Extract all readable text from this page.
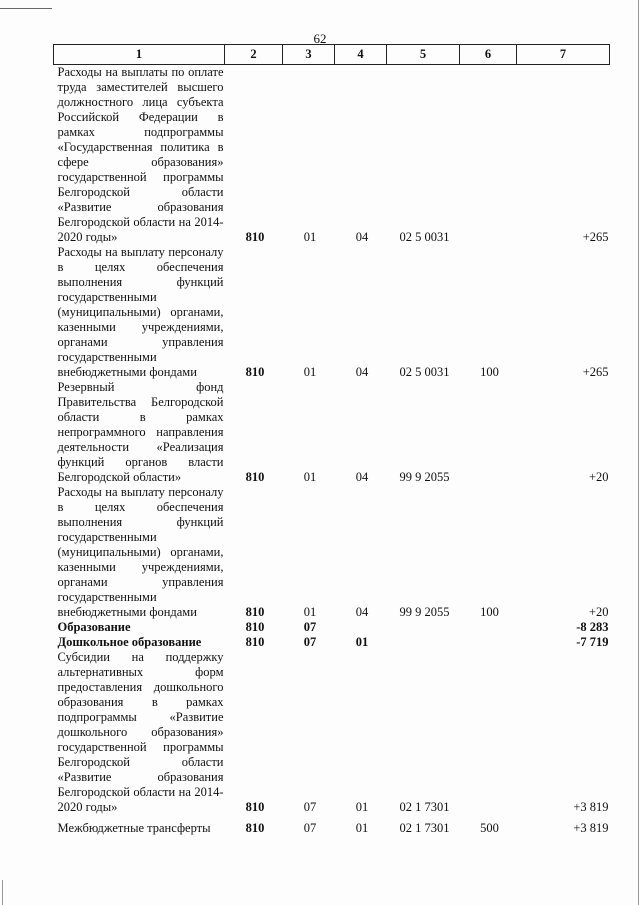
62
1	2	3	4	5	6	7
Расходы на выплаты по оплате труда заместителей высшего должностного лица субъекта Российской Федерации в рамках подпрограммы «Государственная политика в сфере образования» государственной программы Белгородской области «Развитие образования Белгородской области на 2014-2020 годы»	810	01	04	02 5 0031		+265
Расходы на выплату персоналу в целях обеспечения выполнения функций государственными (муниципальными) органами, казенными учреждениями, органами управления государственными внебюджетными фондами	810	01	04	02 5 0031	100	+265
Резервный фонд Правительства Белгородской области в рамках непрограммного направления деятельности «Реализация функций органов власти Белгородской области»	810	01	04	99 9 2055		+20
Расходы на выплату персоналу в целях обеспечения выполнения функций государственными (муниципальными) органами, казенными учреждениями, органами управления государственными внебюджетными фондами	810	01	04	99 9 2055	100	+20
Образование	810	07				-8 283
Дошкольное образование	810	07	01			-7 719
Субсидии на поддержку альтернативных форм предоставления дошкольного образования в рамках подпрограммы «Развитие дошкольного образования» государственной программы Белгородской области «Развитие образования Белгородской области на 2014-2020 годы»	810	07	01	02 1 7301		+3 819
Межбюджетные трансферты	810	07	01	02 1 7301	500	+3 819
